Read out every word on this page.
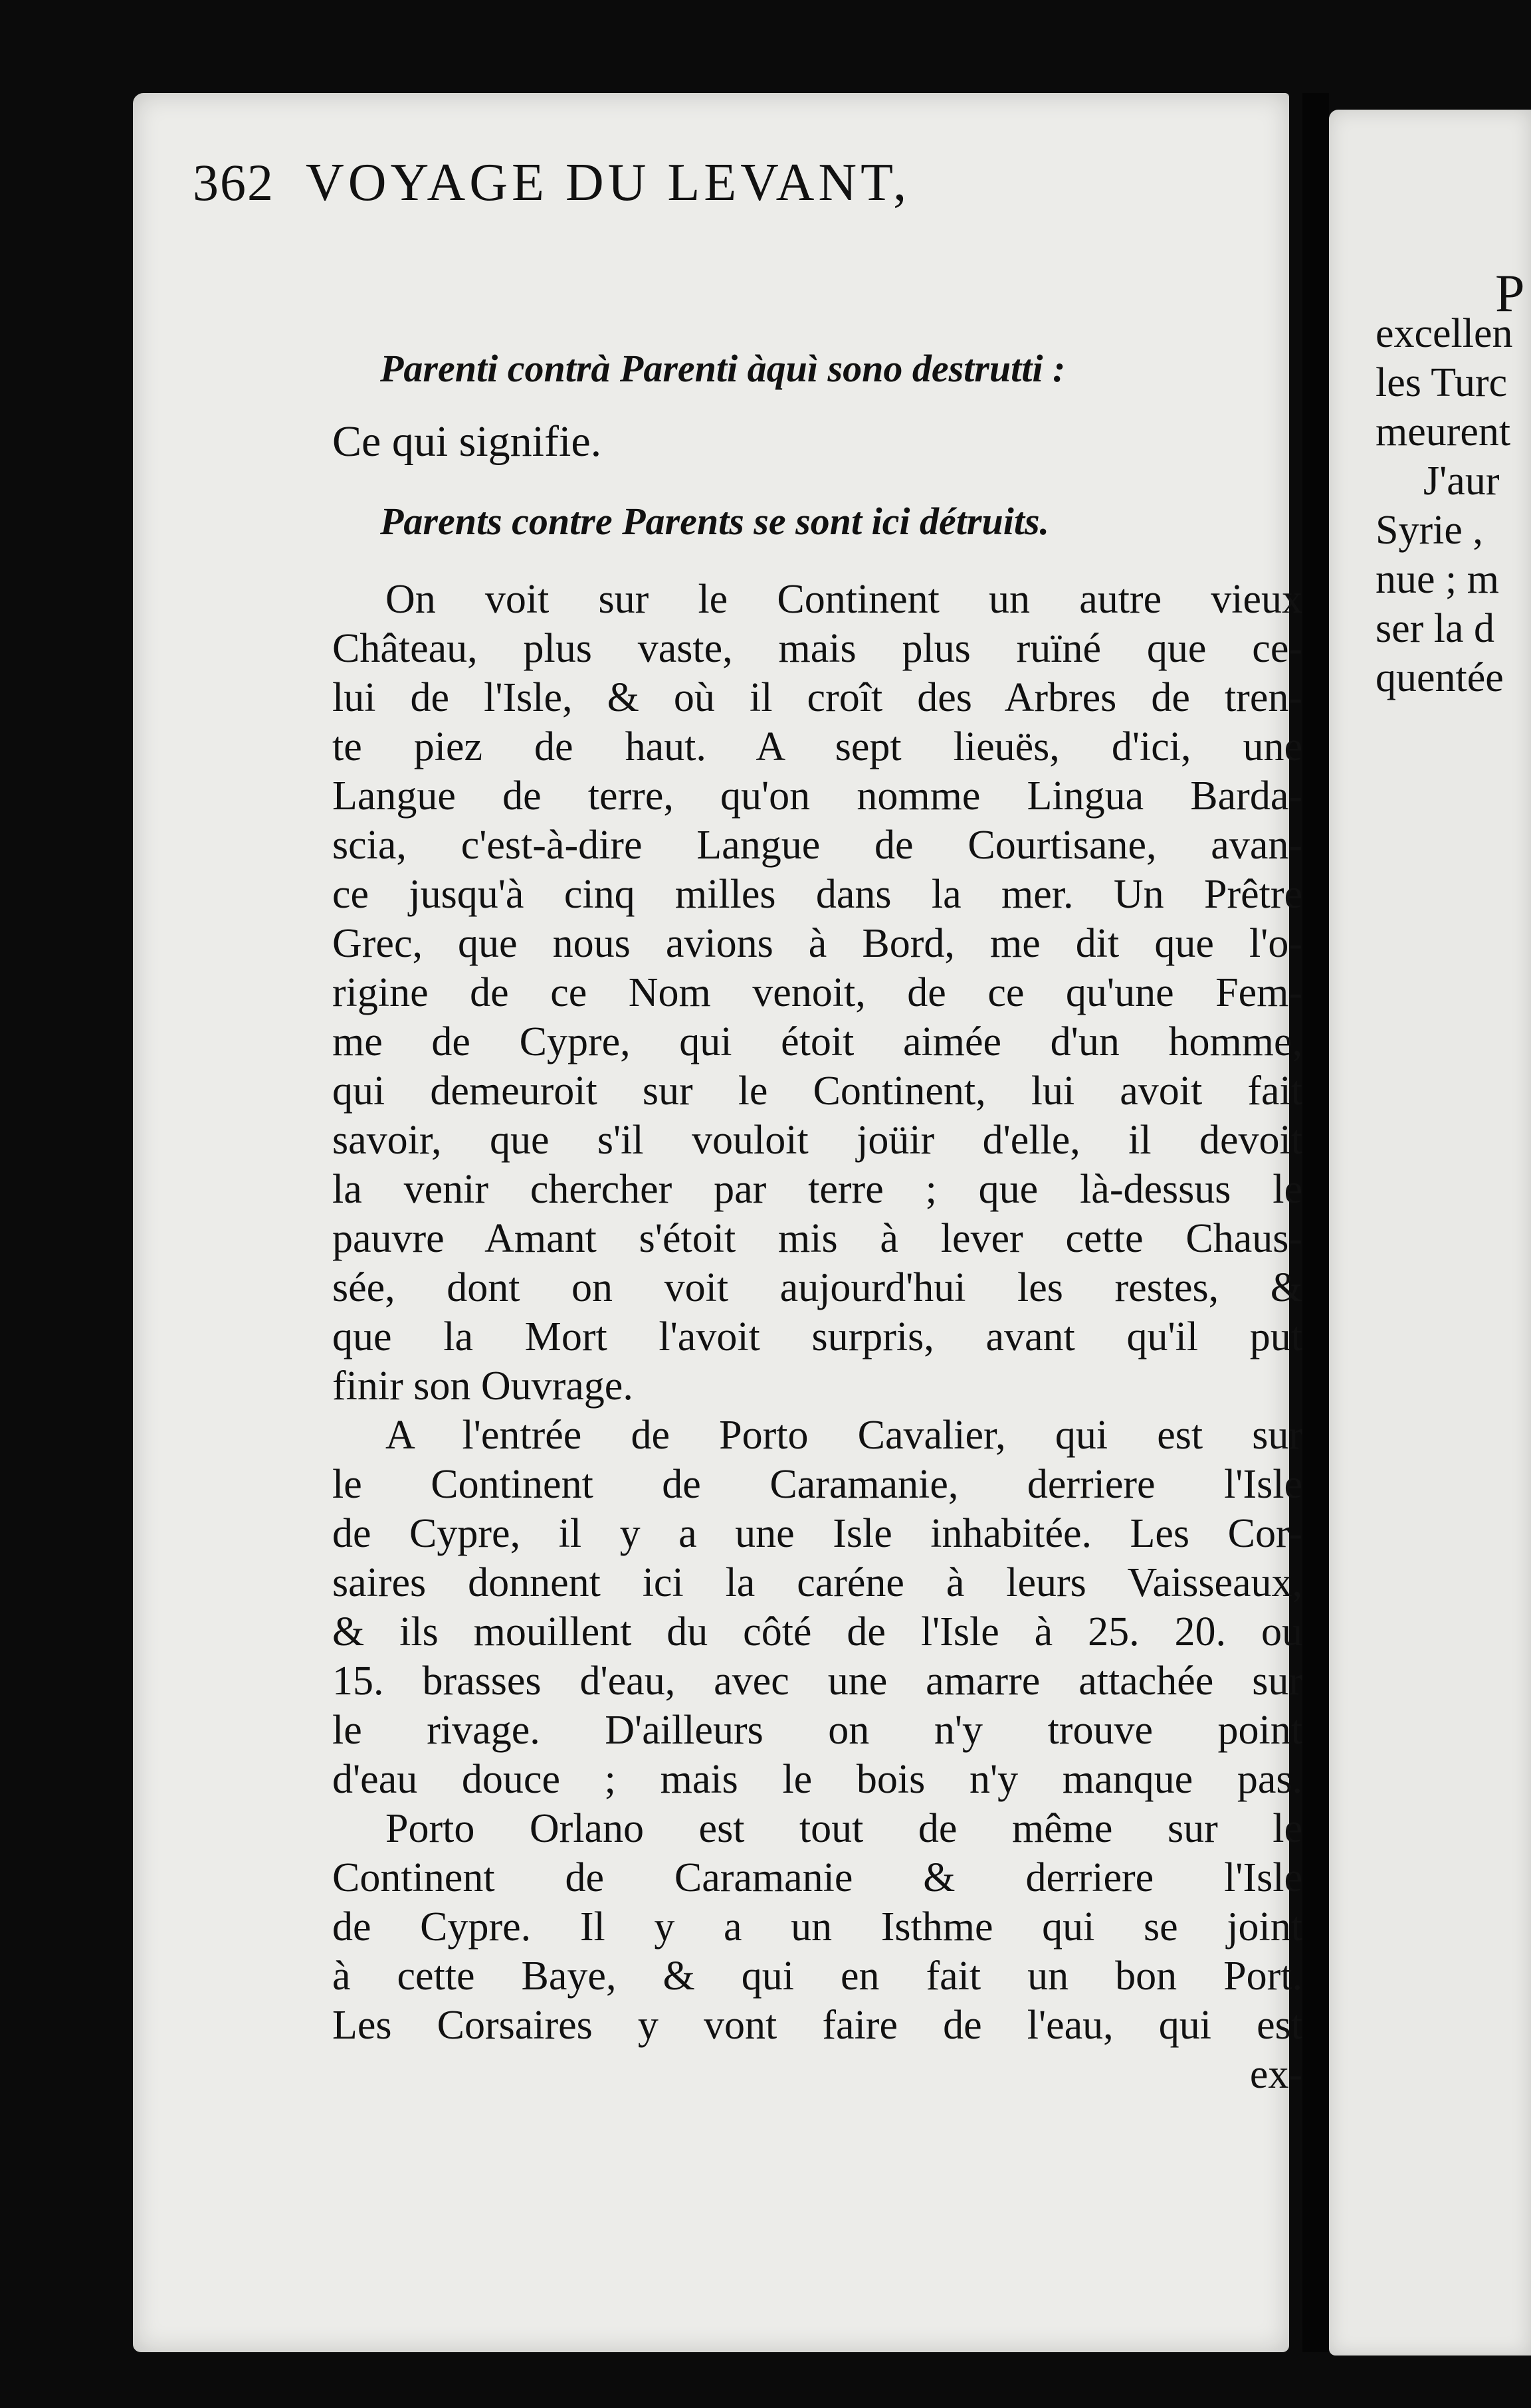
P
excellen
les Turc
meurent
J'aur
Syrie ,
nue ; m
ser la d
quentée
362 VOYAGE DU LEVANT,
Parenti contrà Parenti àquì sono destrutti :
Ce qui signifie.
Parents contre Parents se sont ici détruits.
On voit sur le Continent un autre vieux
Château, plus vaste, mais plus ruïné que ce-
lui de l'Isle, & où il croît des Arbres de tren-
te piez de haut. A sept lieuës, d'ici, une
Langue de terre, qu'on nomme Lingua Barda-
scia, c'est-à-dire Langue de Courtisane, avan-
ce jusqu'à cinq milles dans la mer. Un Prêtre
Grec, que nous avions à Bord, me dit que l'o-
rigine de ce Nom venoit, de ce qu'une Fem-
me de Cypre, qui étoit aimée d'un homme,
qui demeuroit sur le Continent, lui avoit fait
savoir, que s'il vouloit joüir d'elle, il devoit
la venir chercher par terre ; que là-dessus le
pauvre Amant s'étoit mis à lever cette Chaus-
sée, dont on voit aujourd'hui les restes, &
que la Mort l'avoit surpris, avant qu'il put
finir son Ouvrage.
A l'entrée de Porto Cavalier, qui est sur
le Continent de Caramanie, derriere l'Isle
de Cypre, il y a une Isle inhabitée. Les Cor-
saires donnent ici la caréne à leurs Vaisseaux,
& ils mouillent du côté de l'Isle à 25. 20. ou
15. brasses d'eau, avec une amarre attachée sur
le rivage. D'ailleurs on n'y trouve point
d'eau douce ; mais le bois n'y manque pas.
Porto Orlano est tout de même sur le
Continent de Caramanie & derriere l'Isle
de Cypre. Il y a un Isthme qui se joint
à cette Baye, & qui en fait un bon Port.
Les Corsaires y vont faire de l'eau, qui est
ex-
